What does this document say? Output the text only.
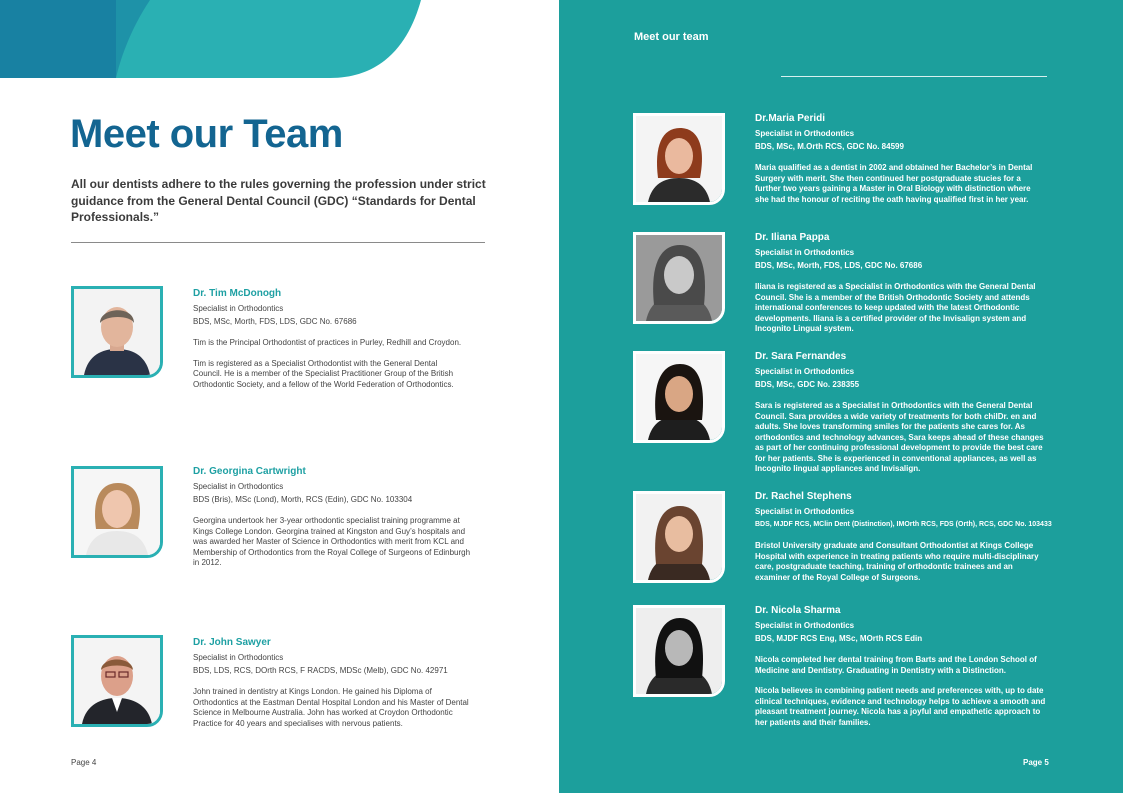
Meet our Team
All our dentists adhere to the rules governing the profession under strict guidance from the General Dental Council (GDC) “Standards for Dental Professionals.”
Dr. Tim McDonogh
Specialist in Orthodontics
BDS, MSc, Morth, FDS, LDS, GDC No. 67686

Tim is the Principal Orthodontist of practices in Purley, Redhill and Croydon.

Tim is registered as a Specialist Orthodontist with the General Dental Council. He is a member of the Specialist Practitioner Group of the British Orthodontic Society, and a fellow of the World Federation of Orthodontics.

Dr. Georgina Cartwright
Specialist in Orthodontics
BDS (Bris), MSc (Lond), Morth, RCS (Edin), GDC No. 103304

Georgina undertook her 3-year orthodontic specialist training programme at Kings College London. Georgina trained at Kingston and Guy’s hospitals and was awarded her Master of Science in Orthodontics with merit from KCL and Membership of Orthodontics from the Royal College of Surgeons of Edinburgh in 2012.

Dr. John Sawyer
Specialist in Orthodontics
BDS, LDS, RCS, DOrth RCS, F RACDS, MDSc (Melb), GDC No. 42971

John trained in dentistry at Kings London. He gained his Diploma of Orthodontics at the Eastman Dental Hospital London and his Master of Dental Science in Melbourne Australia. John has worked at Croydon Orthodontic Practice for 40 years and specialises with nervous patients.

Page 4
Meet our team
Dr.Maria Peridi
Specialist in Orthodontics
BDS, MSc, M.Orth RCS, GDC No. 84599

Maria qualified as a dentist in 2002 and obtained her Bachelor’s in Dental Surgery with merit. She then continued her postgraduate stucies for a further two years gaining a Master in Oral Biology with distinction where she had the honour of reciting the oath having qualified first in her year.

Dr. Iliana Pappa
Specialist in Orthodontics
BDS, MSc, Morth, FDS, LDS, GDC No. 67686

Iliana is registered as a Specialist in Orthodontics with the General Dental Council. She is a member of the British Orthodontic Society and attends international conferences to keep updated with the latest Orthodontic developments. Iliana is a certified provider of the Invisalign system and Incognito Lingual system.

Dr. Sara Fernandes
Specialist in Orthodontics
BDS, MSc, GDC No. 238355

Sara is registered as a Specialist in Orthodontics with the General Dental Council. Sara provides a wide variety of treatments for both chilDr. en and adults. She loves transforming smiles for the patients she cares for. As orthodontics and technology advances, Sara keeps ahead of these changes as part of her continuing professional development to provide the best care for her patients. She is experienced in conventional appliances, as well as Incognito lingual appliances and Invisalign.

Dr. Rachel Stephens
Specialist in Orthodontics
BDS, MJDF RCS, MClin Dent (Distinction), IMOrth RCS, FDS (Orth), RCS, GDC No. 103433

Bristol University graduate and Consultant Orthodontist at Kings College Hospital with experience in treating patients who require multi-disciplinary care, postgraduate teaching, training of orthodontic trainees and an examiner of the Royal College of Surgeons.

Dr. Nicola Sharma
Specialist in Orthodontics
BDS, MJDF RCS Eng, MSc, MOrth RCS Edin

Nicola completed her dental training from Barts and the London School of Medicine and Dentistry. Graduating in Dentistry with a Distinction.

Nicola believes in combining patient needs and preferences with, up to date clinical techniques, evidence and technology helps to achieve a smooth and pleasant treatment journey. Nicola has a joyful and empathetic approach to her patients and their families.

Page 5
